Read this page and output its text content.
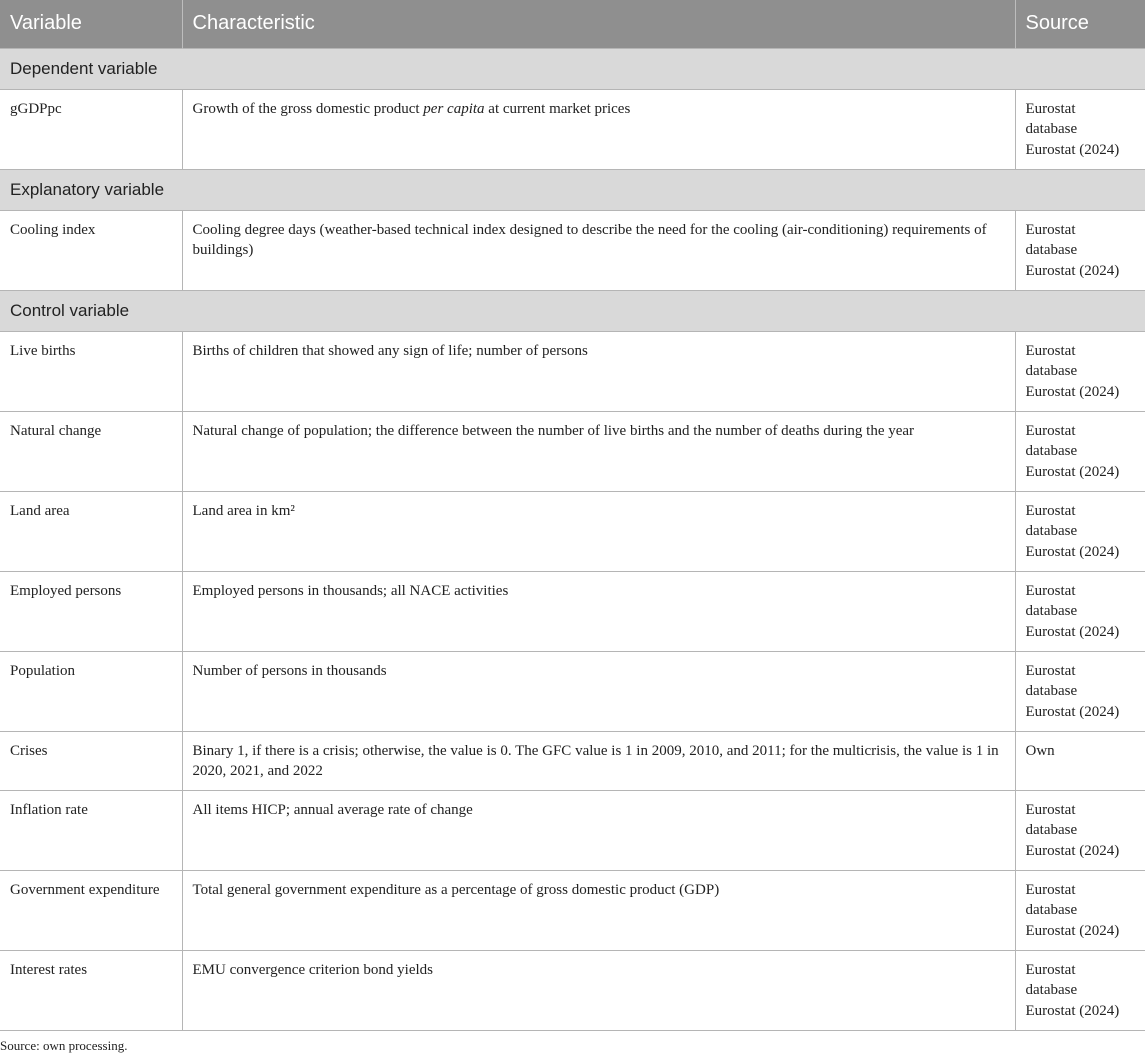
Variable	Characteristic	Source
Dependent variable		
gGDPpc	Growth of the gross domestic product per capita at current market prices	Eurostat
database
Eurostat (2024)

Explanatory variable		
Cooling index	Cooling degree days (weather-based technical index designed to describe the need for the cooling (air-conditioning) requirements of buildings)	Eurostat
database
Eurostat (2024)

Control variable		
Live births	Births of children that showed any sign of life; number of persons	Eurostat
database
Eurostat (2024)

Natural change	Natural change of population; the difference between the number of live births and the number of deaths during the year	Eurostat
database
Eurostat (2024)

Land area	Land area in km²	Eurostat
database
Eurostat (2024)

Employed persons	Employed persons in thousands; all NACE activities	Eurostat
database
Eurostat (2024)

Population	Number of persons in thousands	Eurostat
database
Eurostat (2024)

Crises	Binary 1, if there is a crisis; otherwise, the value is 0. The GFC value is 1 in 2009, 2010, and 2011; for the multicrisis, the value is 1 in 2020, 2021, and 2022	Own

Inflation rate	All items HICP; annual average rate of change	Eurostat
database
Eurostat (2024)

Government expenditure	Total general government expenditure as a percentage of gross domestic product (GDP)	Eurostat
database
Eurostat (2024)

Interest rates	EMU convergence criterion bond yields	Eurostat
database
Eurostat (2024)
Source: own processing.
